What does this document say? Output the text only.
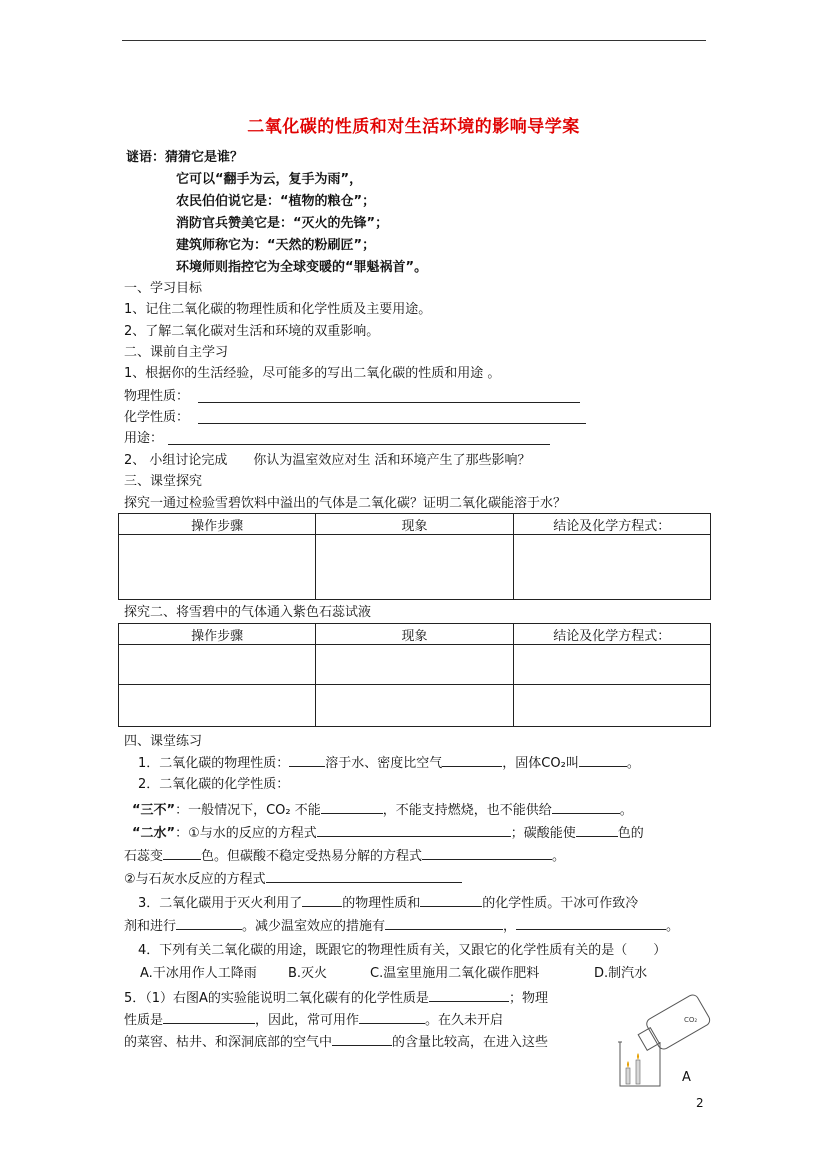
二氧化碳的性质和对生活环境的影响导学案
谜语：猜猜它是谁？
它可以“翻手为云，复手为雨”，
农民伯伯说它是：“植物的粮仓”；
消防官兵赞美它是：“灭火的先锋”；
建筑师称它为：“天然的粉刷匠”；
环境师则指控它为全球变暖的“罪魁祸首”。
一、学习目标
1、记住二氧化碳的物理性质和化学性质及主要用途。
2、了解二氧化碳对生活和环境的双重影响。
二、课前自主学习
1、根据你的生活经验，尽可能多的写出二氧化碳的性质和用途 。
物理性质：
化学性质：
用途：
2、 小组讨论完成　　你认为温室效应对生 活和环境产生了那些影响？
三、课堂探究
探究一通过检验雪碧饮料中溢出的气体是二氧化碳？证明二氧化碳能溶于水？
操作步骤	现象	结论及化学方程式：

探究二、将雪碧中的气体通入紫色石蕊试液
操作步骤	现象	结论及化学方程式：

四、课堂练习
1．二氧化碳的物理性质：	溶于水、密度比空气	，固体CO₂叫	。
2．二氧化碳的化学性质：
“三不”：一般情况下，CO₂ 不能	，不能支持燃烧，也不能供给	。
“二水”：①与水的反应的方程式	；碳酸能使	色的
石蕊变	色。但碳酸不稳定受热易分解的方程式	。
②与石灰水反应的方程式
3．二氧化碳用于灭火利用了	的物理性质和	的化学性质。干冰可作致冷
剂和进行	。减少温室效应的措施有	，	。
4．下列有关二氧化碳的用途，既跟它的物理性质有关，又跟它的化学性质有关的是（　　）
A.干冰用作人工降雨 B.灭火	C.温室里施用二氧化碳作肥料	D.制汽水
5．（1）右图A的实验能说明二氧化碳有的化学性质是	；物理
性质是	，因此，常可用作	。在久未开启
的菜窖、枯井、和深洞底部的空气中	的含量比较高，在进入这些
CO₂
A
2
